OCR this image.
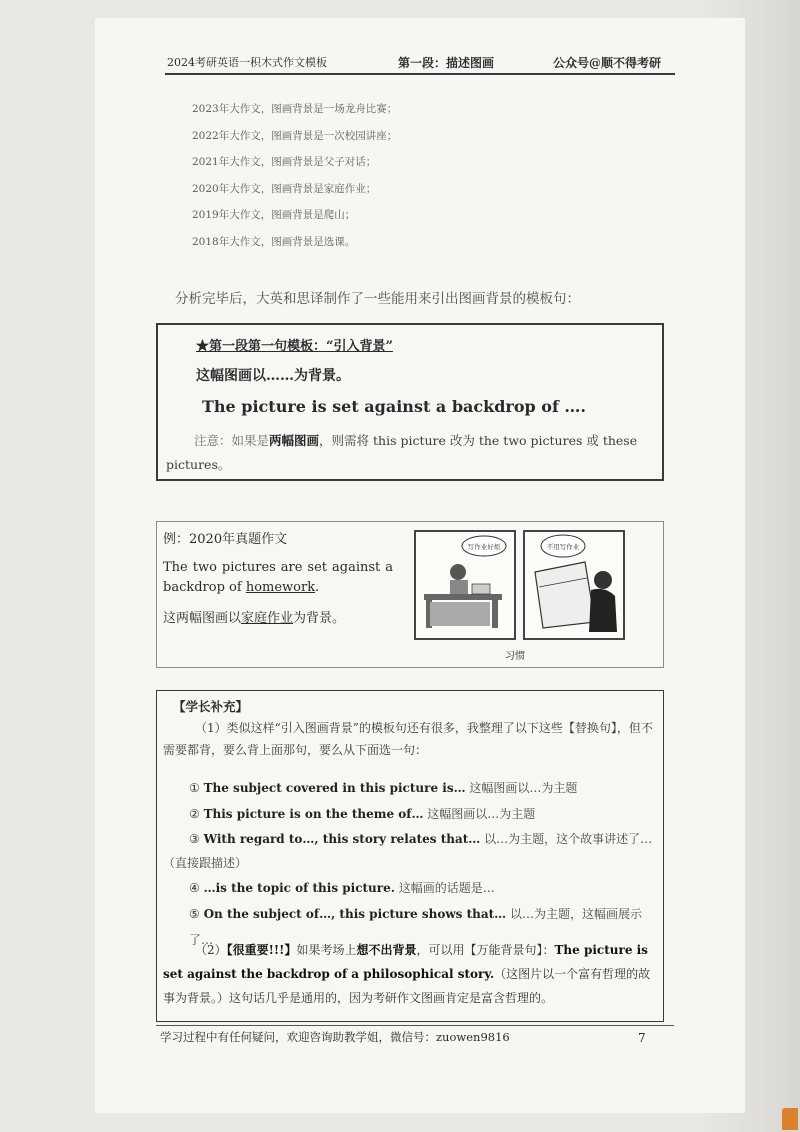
2024考研英语一积木式作文模板	第一段：描述图画	公众号@顺不得考研
2023年大作文，图画背景是一场龙舟比赛；
2022年大作文，图画背景是一次校园讲座；
2021年大作文，图画背景是父子对话；
2020年大作文，图画背景是家庭作业；
2019年大作文，图画背景是爬山；
2018年大作文，图画背景是选课。
分析完毕后，大英和思译制作了一些能用来引出图画背景的模板句：
★第一段第一句模板：“引入背景”
这幅图画以……为背景。
The picture is set against a backdrop of ….
注意：如果是两幅图画，则需将 this picture 改为 the two pictures 或 these pictures。
例：2020年真题作文
The two pictures are set against a backdrop of homework.
这两幅图画以家庭作业为背景。
写作业好烦	不用写作业
习惯
【学长补充】
（1）类似这样“引入图画背景”的模板句还有很多，我整理了以下这些【替换句】，但不需要都背，要么背上面那句，要么从下面选一句：
① The subject covered in this picture is… 这幅图画以…为主题
② This picture is on the theme of… 这幅图画以…为主题
③ With regard to…, this story relates that… 以…为主题，这个故事讲述了…（直接跟描述）
④ …is the topic of this picture. 这幅画的话题是…
⑤ On the subject of…, this picture shows that… 以…为主题，这幅画展示了…
（2）【很重要!!!】如果考场上想不出背景，可以用【万能背景句】：The picture is set against the backdrop of a philosophical story.（这图片以一个富有哲理的故事为背景。）这句话几乎是通用的，因为考研作文图画肯定是富含哲理的。
学习过程中有任何疑问，欢迎咨询助教学姐，微信号：zuowen9816	7
